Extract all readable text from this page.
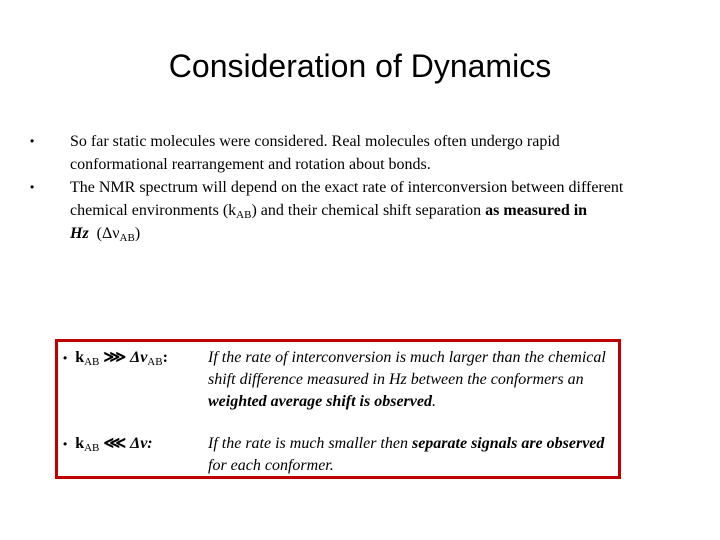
Consideration of Dynamics
• So far static molecules were considered. Real molecules often undergo rapid conformational rearrangement and rotation about bonds.
• The NMR spectrum will depend on the exact rate of interconversion between different chemical environments $(k_{AB})$ and their chemical shift separation as measured in Hz $(\Delta\nu_{AB})$
• $k_{AB}$ ⋙ $\Delta v_{AB}$:	If the rate of interconversion is much larger than the chemical shift difference measured in Hz between the conformers an weighted average shift is observed.
• $k_{AB}$ ⋘ Δv:	If the rate is much smaller then separate signals are observed for each conformer.
